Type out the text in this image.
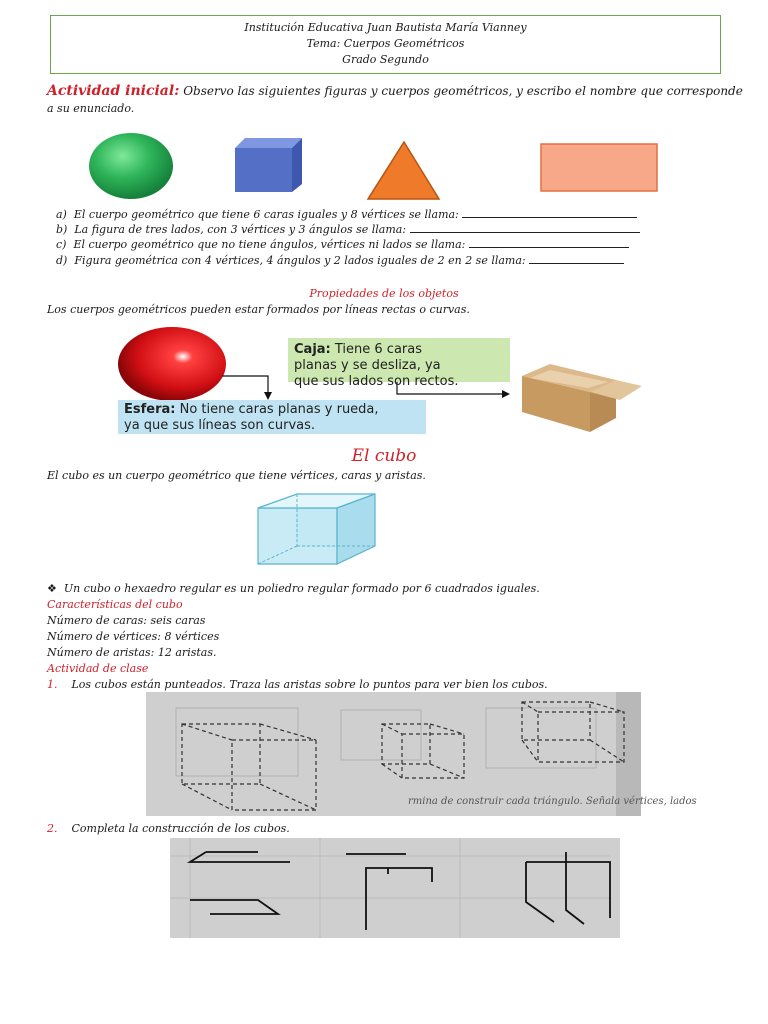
Institución Educativa Juan Bautista María Vianney
Tema: Cuerpos Geométricos
Grado Segundo
Actividad inicial: Observo las siguientes figuras y cuerpos geométricos, y escribo el nombre que corresponde
a su enunciado.
a) El cuerpo geométrico que tiene 6 caras iguales y 8 vértices se llama:
b) La figura de tres lados, con 3 vértices y 3 ángulos se llama:
c) El cuerpo geométrico que no tiene ángulos, vértices ni lados se llama:
d) Figura geométrica con 4 vértices, 4 ángulos y 2 lados iguales de 2 en 2 se llama:
Propiedades de los objetos
Los cuerpos geométricos pueden estar formados por líneas rectas o curvas.
Caja: Tiene 6 caras
planas y se desliza, ya
que sus lados son rectos.
Esfera: No tiene caras planas y rueda,
ya que sus líneas son curvas.
El cubo
El cubo es un cuerpo geométrico que tiene vértices, caras y aristas.
❖ Un cubo o hexaedro regular es un poliedro regular formado por 6 cuadrados iguales.
Características del cubo
Número de caras: seis caras
Número de vértices: 8 vértices
Número de aristas: 12 aristas.
Actividad de clase
1. Los cubos están punteados. Traza las aristas sobre lo puntos para ver bien los cubos.
rmina de construir cada triángulo. Señala vértices, lados
2. Completa la construcción de los cubos.
